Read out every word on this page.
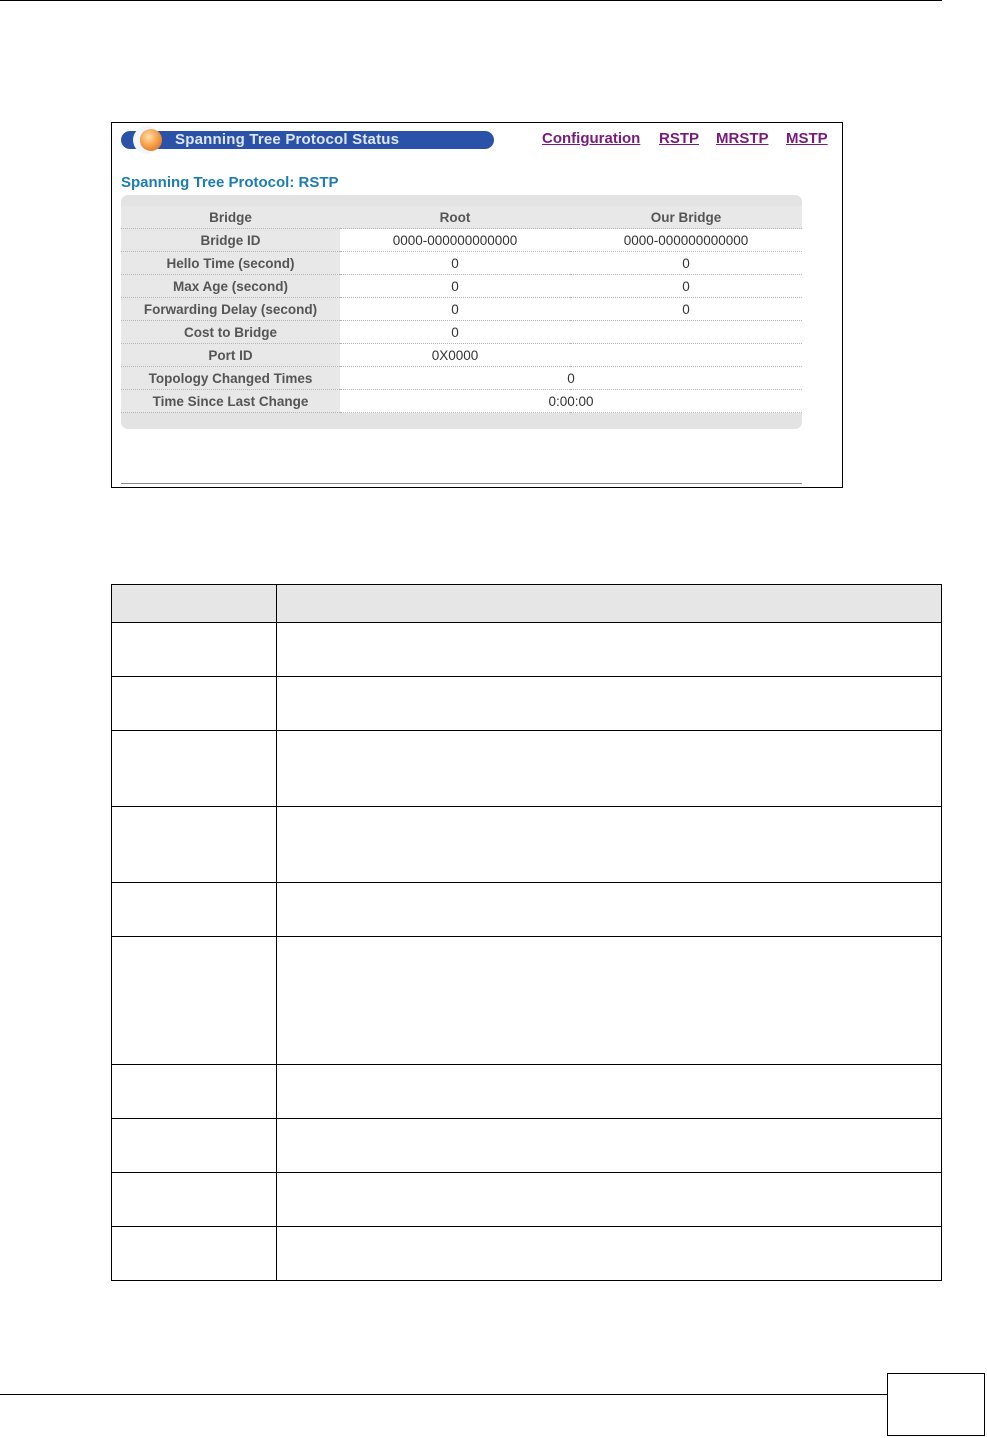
Spanning Tree Protocol Status	Configuration RSTP MRSTP MSTP
Spanning Tree Protocol: RSTP
Bridge	Root	Our Bridge
Bridge ID	0000-000000000000	0000-000000000000
Hello Time (second)	0	0
Max Age (second)	0	0
Forwarding Delay (second)	0	0
Cost to Bridge	0	
Port ID	0X0000	
Topology Changed Times	0	
Time Since Last Change	0:00:00	
